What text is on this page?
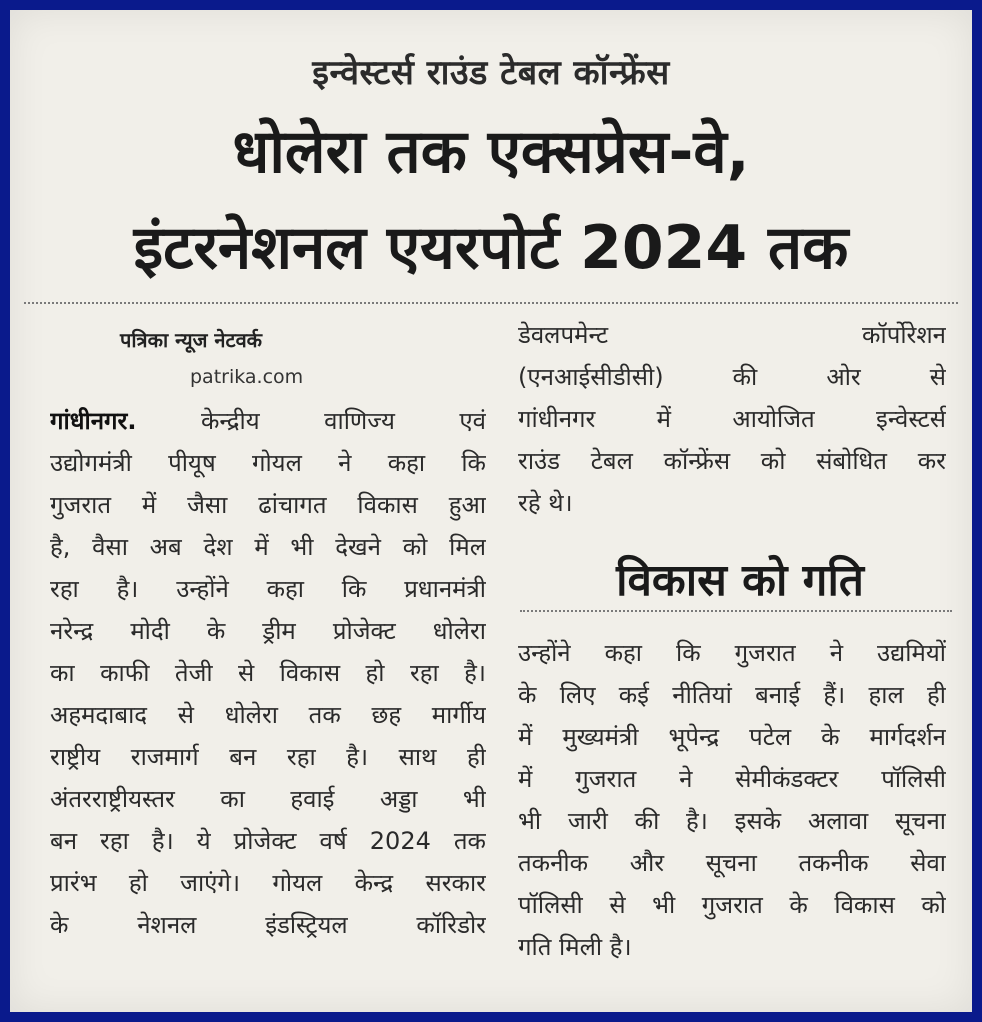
इन्वेस्टर्स राउंड टेबल कॉन्फ्रेंस
धोलेरा तक एक्सप्रेस-वे,
इंटरनेशनल एयरपोर्ट 2024 तक
पत्रिका न्यूज नेटवर्क
patrika.com
गांधीनगर. केन्द्रीय वाणिज्य एवं
उद्योगमंत्री पीयूष गोयल ने कहा कि
गुजरात में जैसा ढांचागत विकास हुआ
है, वैसा अब देश में भी देखने को मिल
रहा है। उन्होंने कहा कि प्रधानमंत्री
नरेन्द्र मोदी के ड्रीम प्रोजेक्ट धोलेरा
का काफी तेजी से विकास हो रहा है।
अहमदाबाद से धोलेरा तक छह मार्गीय
राष्ट्रीय राजमार्ग बन रहा है। साथ ही
अंतरराष्ट्रीयस्तर का हवाई अड्डा भी
बन रहा है। ये प्रोजेक्ट वर्ष 2024 तक
प्रारंभ हो जाएंगे। गोयल केन्द्र सरकार
के नेशनल इंडस्ट्रियल कॉरिडोर
डेवलपमेन्ट कॉर्पोरेशन
(एनआईसीडीसी) की ओर से
गांधीनगर में आयोजित इन्वेस्टर्स
राउंड टेबल कॉन्फ्रेंस को संबोधित कर
रहे थे।
विकास को गति
उन्होंने कहा कि गुजरात ने उद्यमियों
के लिए कई नीतियां बनाई हैं। हाल ही
में मुख्यमंत्री भूपेन्द्र पटेल के मार्गदर्शन
में गुजरात ने सेमीकंडक्टर पॉलिसी
भी जारी की है। इसके अलावा सूचना
तकनीक और सूचना तकनीक सेवा
पॉलिसी से भी गुजरात के विकास को
गति मिली है।
